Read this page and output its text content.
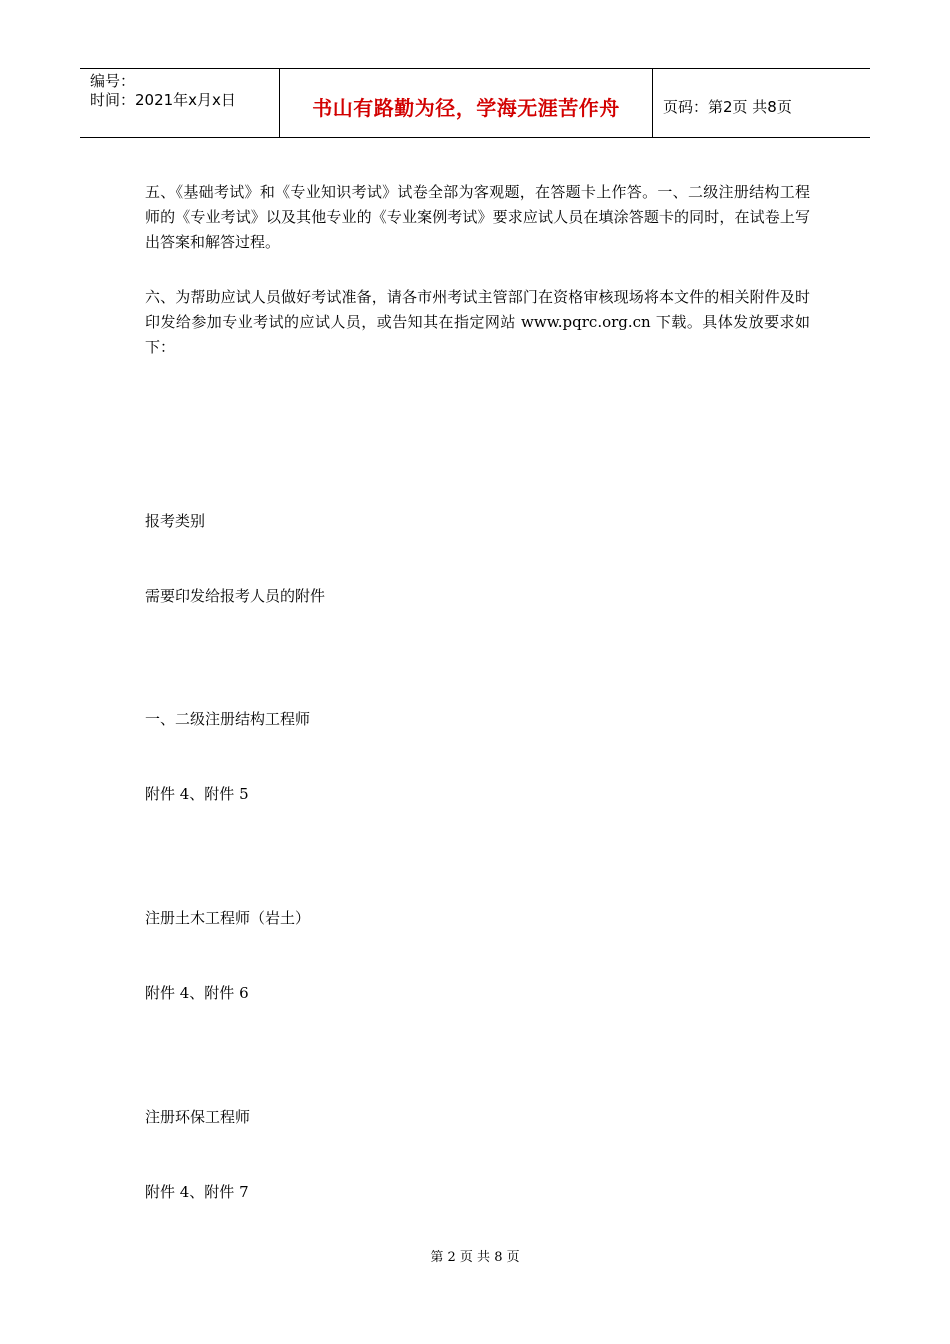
编号：
时间：2021年x月x日	书山有路勤为径，学海无涯苦作舟	页码：第2页 共8页
五、《基础考试》和《专业知识考试》试卷全部为客观题，在答题卡上作答。一、二级注册结构工程师的《专业考试》以及其他专业的《专业案例考试》要求应试人员在填涂答题卡的同时，在试卷上写出答案和解答过程。
六、为帮助应试人员做好考试准备，请各市州考试主管部门在资格审核现场将本文件的相关附件及时印发给参加专业考试的应试人员，或告知其在指定网站 www.pqrc.org.cn 下载。具体发放要求如下：
报考类别
需要印发给报考人员的附件
一、二级注册结构工程师
附件 4、附件 5
注册土木工程师（岩土）
附件 4、附件 6
注册环保工程师
附件 4、附件 7
第 2 页 共 8 页
